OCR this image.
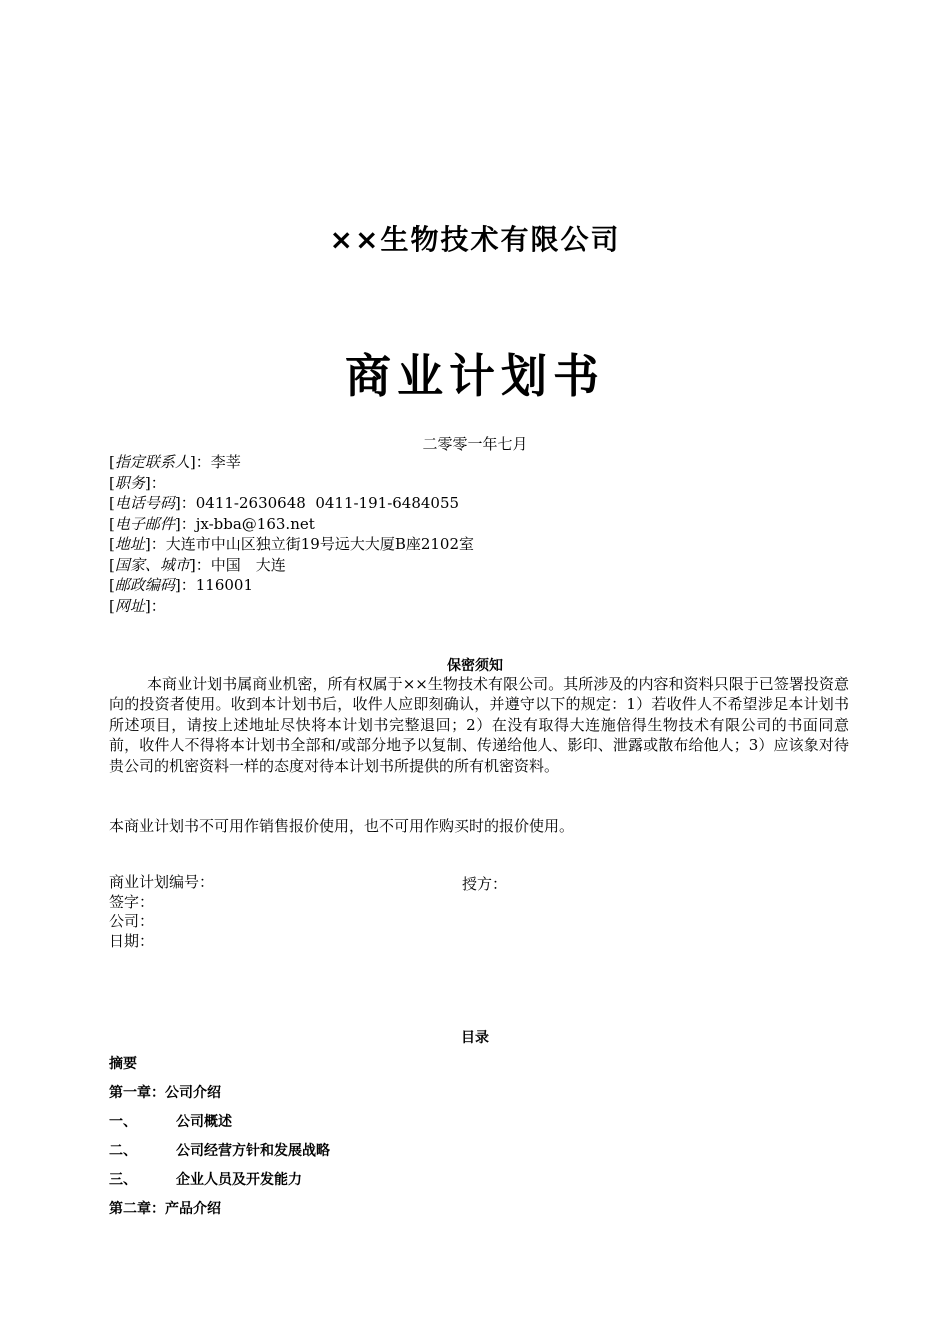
××生物技术有限公司
商业计划书
二零零一年七月
[指定联系人]：李莘
[职务]：
[电话号码]：0411-2630648  0411-191-6484055
[电子邮件]：jx-bba@163.net
[地址]：大连市中山区独立街19号远大大厦B座2102室
[国家、城市]：中国　大连
[邮政编码]：116001
[网址]：
保密须知
本商业计划书属商业机密，所有权属于××生物技术有限公司。其所涉及的内容和资料只限于已签署投资意向的投资者使用。收到本计划书后，收件人应即刻确认，并遵守以下的规定：1）若收件人不希望涉足本计划书所述项目，请按上述地址尽快将本计划书完整退回；2）在没有取得大连施倍得生物技术有限公司的书面同意前，收件人不得将本计划书全部和/或部分地予以复制、传递给他人、影印、泄露或散布给他人；3）应该象对待贵公司的机密资料一样的态度对待本计划书所提供的所有机密资料。
本商业计划书不可用作销售报价使用，也不可用作购买时的报价使用。
商业计划编号：
签字：
公司：
日期：
授方：
目录
摘要
第一章：公司介绍
一、	公司概述
二、	公司经营方针和发展战略
三、	企业人员及开发能力
第二章：产品介绍
